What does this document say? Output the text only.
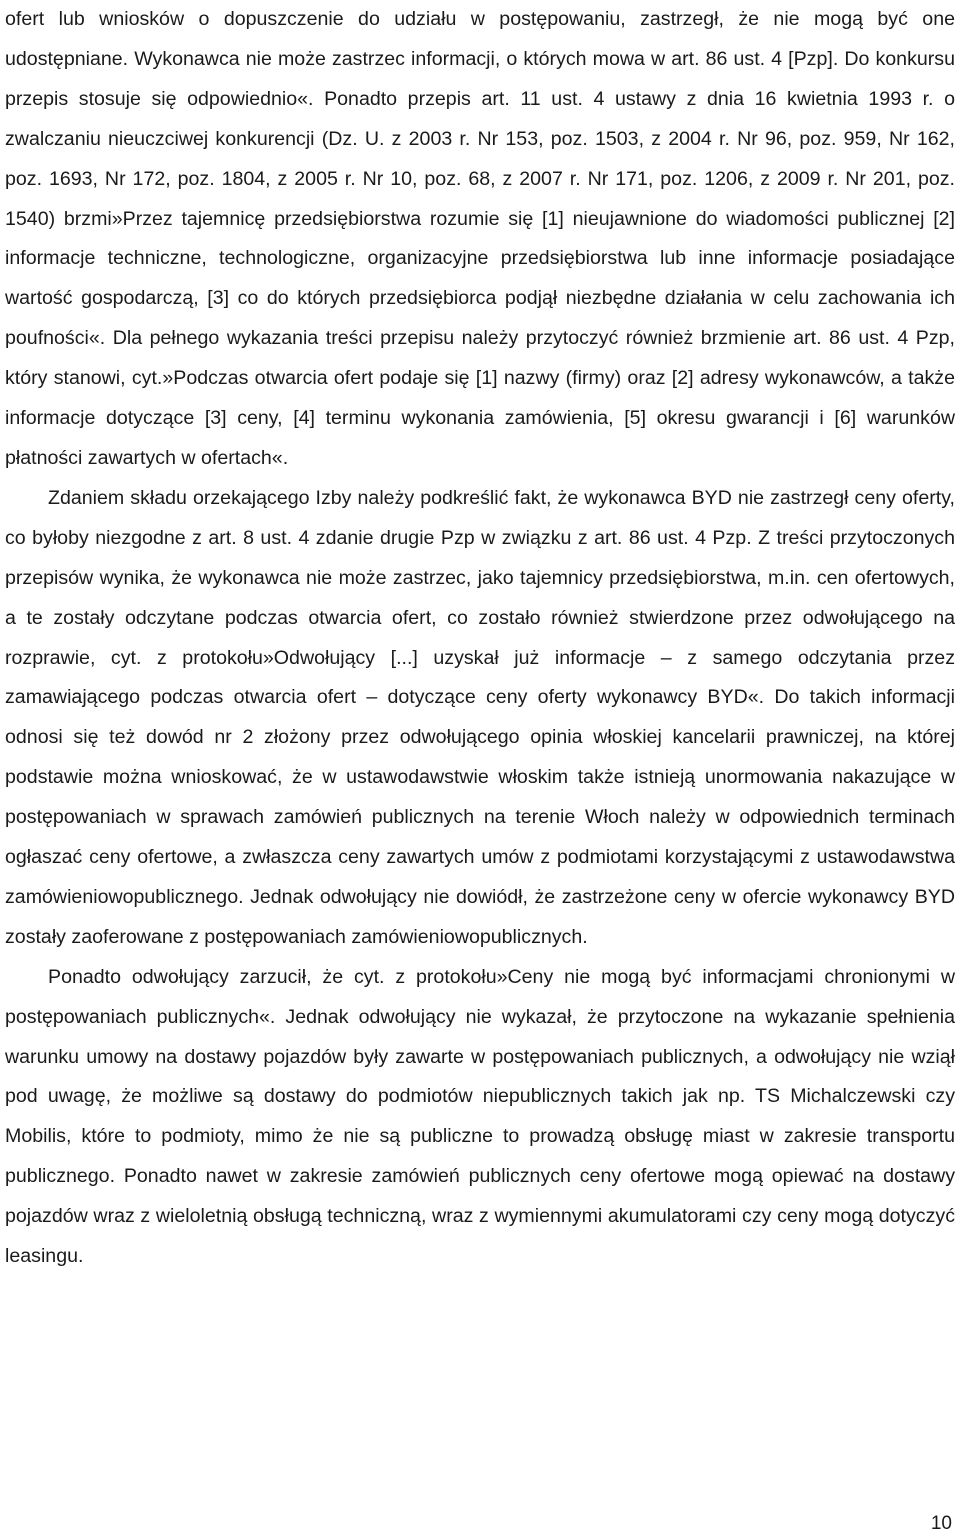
ofert lub wniosków o dopuszczenie do udziału w postępowaniu, zastrzegł, że nie mogą być one udostępniane. Wykonawca nie może zastrzec informacji, o których mowa w art. 86 ust. 4 [Pzp]. Do konkursu przepis stosuje się odpowiednio«. Ponadto przepis art. 11 ust. 4 ustawy z dnia 16 kwietnia 1993 r. o zwalczaniu nieuczciwej konkurencji (Dz. U. z 2003 r. Nr 153, poz. 1503, z 2004 r. Nr 96, poz. 959, Nr 162, poz. 1693, Nr 172, poz. 1804, z 2005 r. Nr 10, poz. 68, z 2007 r. Nr 171, poz. 1206, z 2009 r. Nr 201, poz. 1540) brzmi»Przez tajemnicę przedsiębiorstwa rozumie się [1] nieujawnione do wiadomości publicznej [2] informacje techniczne, technologiczne, organizacyjne przedsiębiorstwa lub inne informacje posiadające wartość gospodarczą, [3] co do których przedsiębiorca podjął niezbędne działania w celu zachowania ich poufności«. Dla pełnego wykazania treści przepisu należy przytoczyć również brzmienie art. 86 ust. 4 Pzp, który stanowi, cyt.»Podczas otwarcia ofert podaje się [1] nazwy (firmy) oraz [2] adresy wykonawców, a także informacje dotyczące [3] ceny, [4] terminu wykonania zamówienia, [5] okresu gwarancji i [6] warunków płatności zawartych w ofertach«.

Zdaniem składu orzekającego Izby należy podkreślić fakt, że wykonawca BYD nie zastrzegł ceny oferty, co byłoby niezgodne z art. 8 ust. 4 zdanie drugie Pzp w związku z art. 86 ust. 4 Pzp. Z treści przytoczonych przepisów wynika, że wykonawca nie może zastrzec, jako tajemnicy przedsiębiorstwa, m.in. cen ofertowych, a te zostały odczytane podczas otwarcia ofert, co zostało również stwierdzone przez odwołującego na rozprawie, cyt. z protokołu»Odwołujący [...] uzyskał już informacje – z samego odczytania przez zamawiającego podczas otwarcia ofert – dotyczące ceny oferty wykonawcy BYD«. Do takich informacji odnosi się też dowód nr 2 złożony przez odwołującego opinia włoskiej kancelarii prawniczej, na której podstawie można wnioskować, że w ustawodawstwie włoskim także istnieją unormowania nakazujące w postępowaniach w sprawach zamówień publicznych na terenie Włoch należy w odpowiednich terminach ogłaszać ceny ofertowe, a zwłaszcza ceny zawartych umów z podmiotami korzystającymi z ustawodawstwa zamówieniowopublicznego. Jednak odwołujący nie dowiódł, że zastrzeżone ceny w ofercie wykonawcy BYD zostały zaoferowane z postępowaniach zamówieniowopublicznych.

Ponadto odwołujący zarzucił, że cyt. z protokołu»Ceny nie mogą być informacjami chronionymi w postępowaniach publicznych«. Jednak odwołujący nie wykazał, że przytoczone na wykazanie spełnienia warunku umowy na dostawy pojazdów były zawarte w postępowaniach publicznych, a odwołujący nie wziął pod uwagę, że możliwe są dostawy do podmiotów niepublicznych takich jak np. TS Michalczewski czy Mobilis, które to podmioty, mimo że nie są publiczne to prowadzą obsługę miast w zakresie transportu publicznego. Ponadto nawet w zakresie zamówień publicznych ceny ofertowe mogą opiewać na dostawy pojazdów wraz z wieloletnią obsługą techniczną, wraz z wymiennymi akumulatorami czy ceny mogą dotyczyć leasingu.

10
